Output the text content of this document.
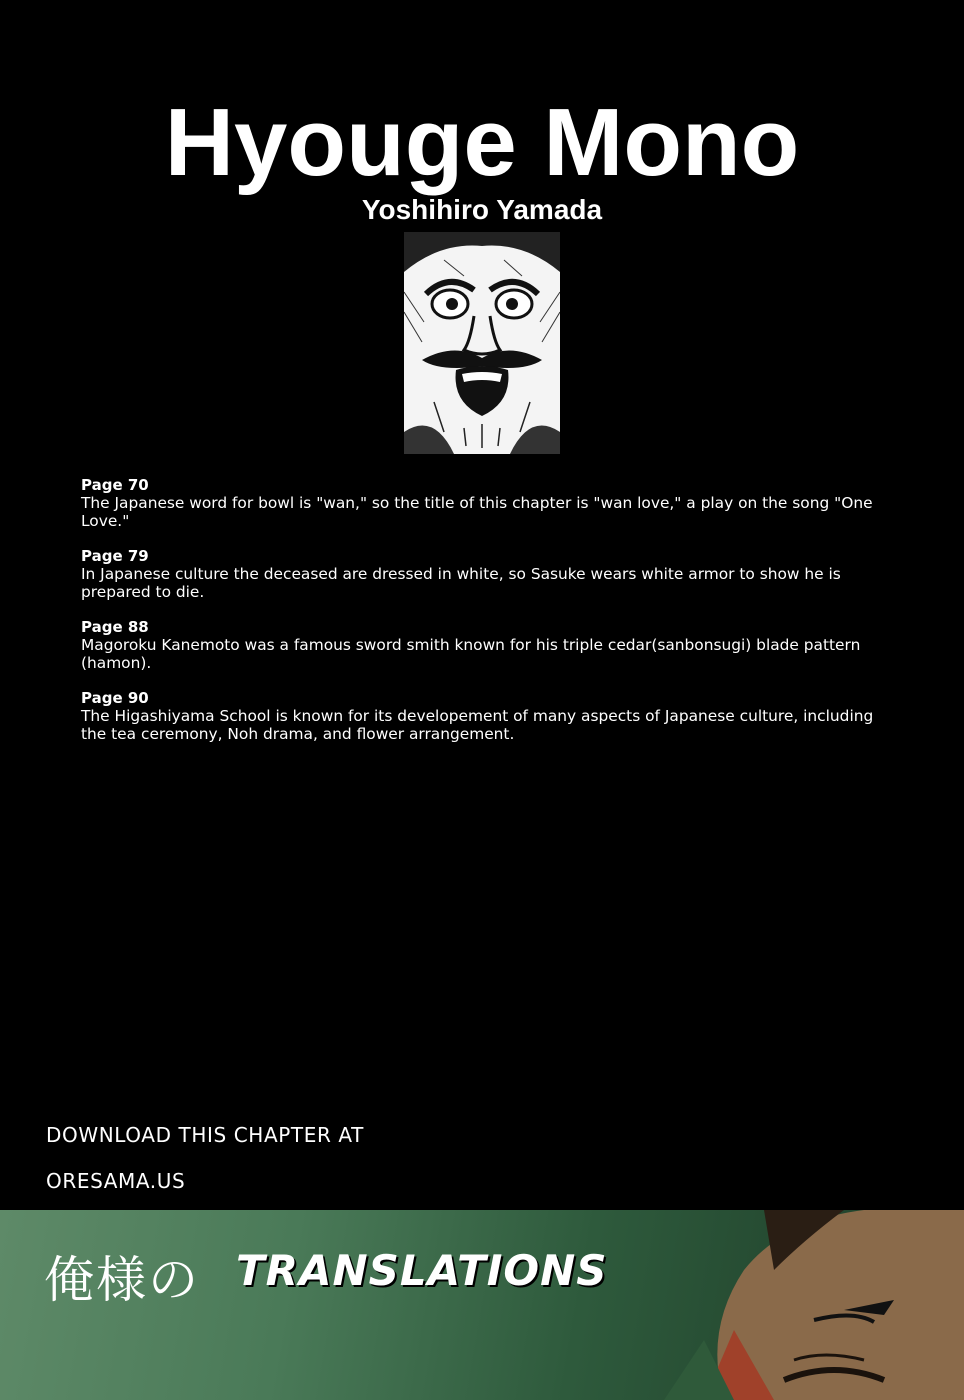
Hyouge Mono
Yoshihiro Yamada
Page 70
The Japanese word for bowl is "wan," so the title of this chapter is "wan love," a play on the song "One Love."
Page 79
In Japanese culture the deceased are dressed in white, so Sasuke wears white armor to show he is prepared to die.
Page 88
Magoroku Kanemoto was a famous sword smith known for his triple cedar(sanbonsugi) blade pattern (hamon).
Page 90
The Higashiyama School is known for its developement of many aspects of Japanese culture, including the tea ceremony, Noh drama, and flower arrangement.
DOWNLOAD THIS CHAPTER AT
ORESAMA.US
俺様の TRANSLATIONS
